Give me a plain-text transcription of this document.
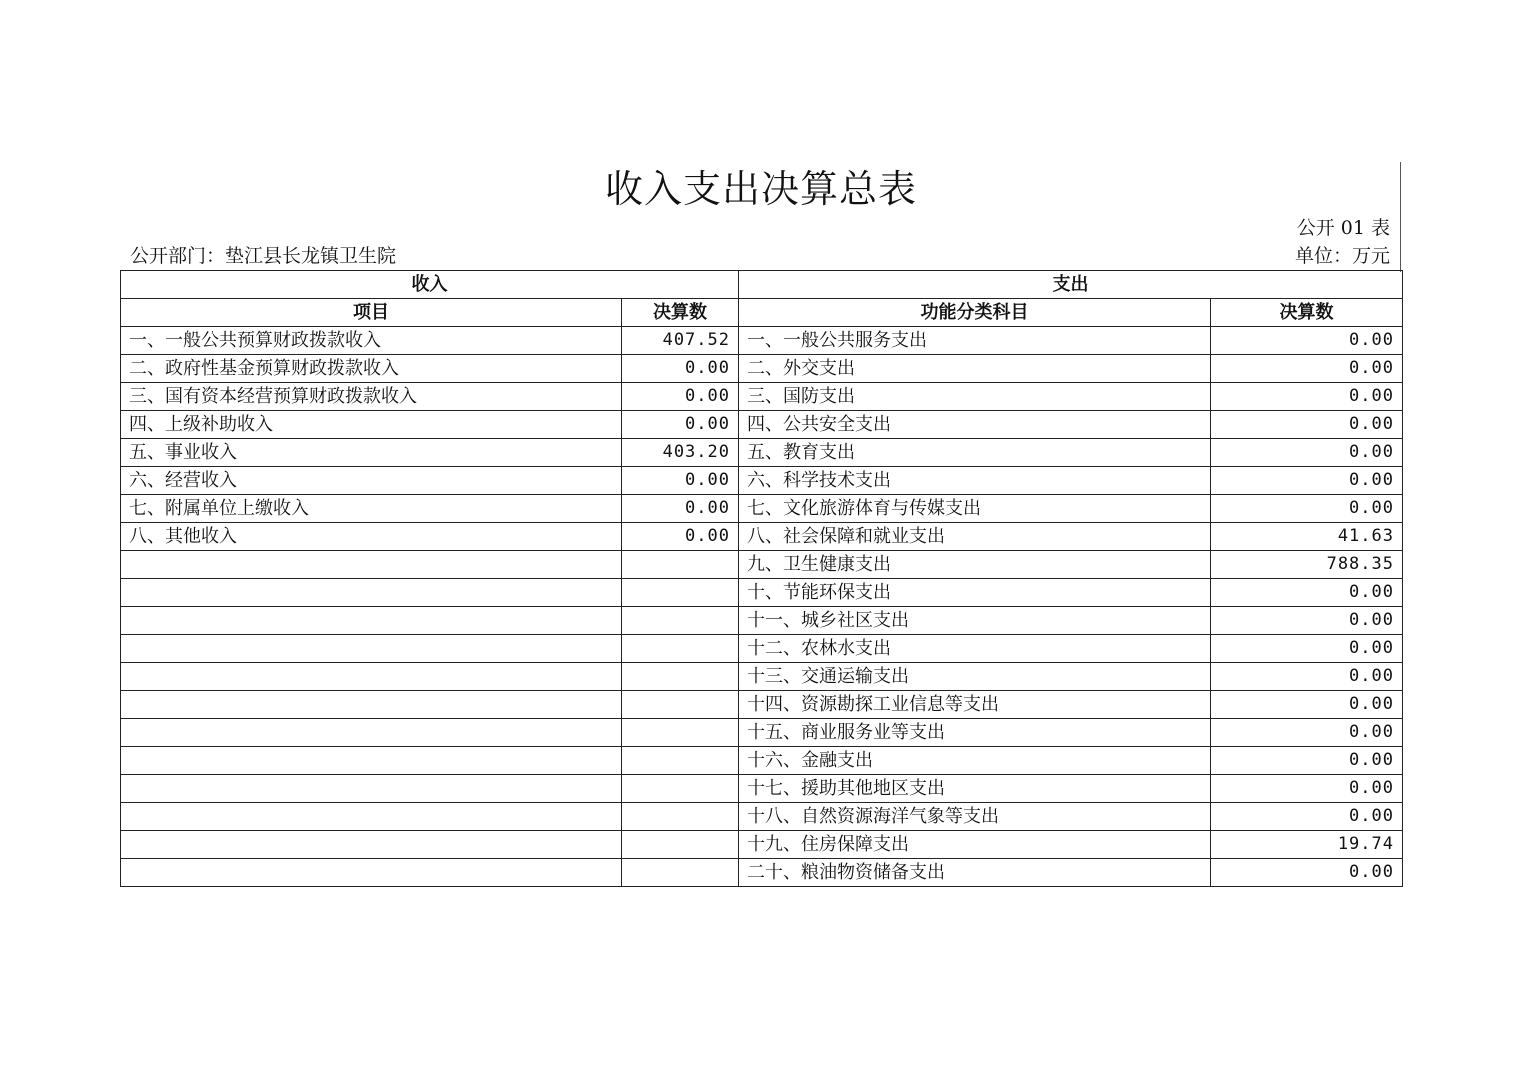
收入支出决算总表
公开 01 表
公开部门：垫江县长龙镇卫生院	单位：万元
收入		支出	
项目	决算数	功能分类科目	决算数
一、一般公共预算财政拨款收入	407.52	一、一般公共服务支出	0.00
二、政府性基金预算财政拨款收入	0.00	二、外交支出	0.00
三、国有资本经营预算财政拨款收入	0.00	三、国防支出	0.00
四、上级补助收入	0.00	四、公共安全支出	0.00
五、事业收入	403.20	五、教育支出	0.00
六、经营收入	0.00	六、科学技术支出	0.00
七、附属单位上缴收入	0.00	七、文化旅游体育与传媒支出	0.00
八、其他收入	0.00	八、社会保障和就业支出	41.63
		九、卫生健康支出	788.35
		十、节能环保支出	0.00
		十一、城乡社区支出	0.00
		十二、农林水支出	0.00
		十三、交通运输支出	0.00
		十四、资源勘探工业信息等支出	0.00
		十五、商业服务业等支出	0.00
		十六、金融支出	0.00
		十七、援助其他地区支出	0.00
		十八、自然资源海洋气象等支出	0.00
		十九、住房保障支出	19.74
		二十、粮油物资储备支出	0.00
